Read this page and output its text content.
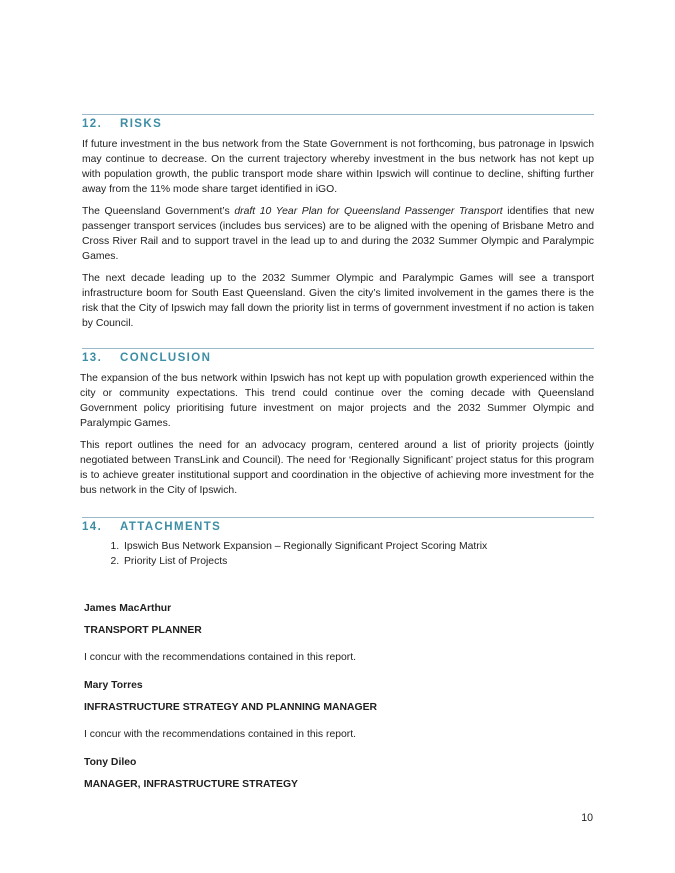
12. RISKS

If future investment in the bus network from the State Government is not forthcoming, bus patronage in Ipswich may continue to decrease. On the current trajectory whereby investment in the bus network has not kept up with population growth, the public transport mode share within Ipswich will continue to decline, shifting further away from the 11% mode share target identified in iGO.

The Queensland Government’s draft 10 Year Plan for Queensland Passenger Transport identifies that new passenger transport services (includes bus services) are to be aligned with the opening of Brisbane Metro and Cross River Rail and to support travel in the lead up to and during the 2032 Summer Olympic and Paralympic Games.

The next decade leading up to the 2032 Summer Olympic and Paralympic Games will see a transport infrastructure boom for South East Queensland. Given the city’s limited involvement in the games there is the risk that the City of Ipswich may fall down the priority list in terms of government investment if no action is taken by Council.

13. CONCLUSION

The expansion of the bus network within Ipswich has not kept up with population growth experienced within the city or community expectations. This trend could continue over the coming decade with Queensland Government policy prioritising future investment on major projects and the 2032 Summer Olympic and Paralympic Games.

This report outlines the need for an advocacy program, centered around a list of priority projects (jointly negotiated between TransLink and Council). The need for ‘Regionally Significant’ project status for this program is to achieve greater institutional support and coordination in the objective of achieving more investment for the bus network in the City of Ipswich.

14. ATTACHMENTS
1. Ipswich Bus Network Expansion – Regionally Significant Project Scoring Matrix
2. Priority List of Projects
James MacArthur
TRANSPORT PLANNER
I concur with the recommendations contained in this report.
Mary Torres
INFRASTRUCTURE STRATEGY AND PLANNING MANAGER
I concur with the recommendations contained in this report.
Tony Dileo
MANAGER, INFRASTRUCTURE STRATEGY
10
